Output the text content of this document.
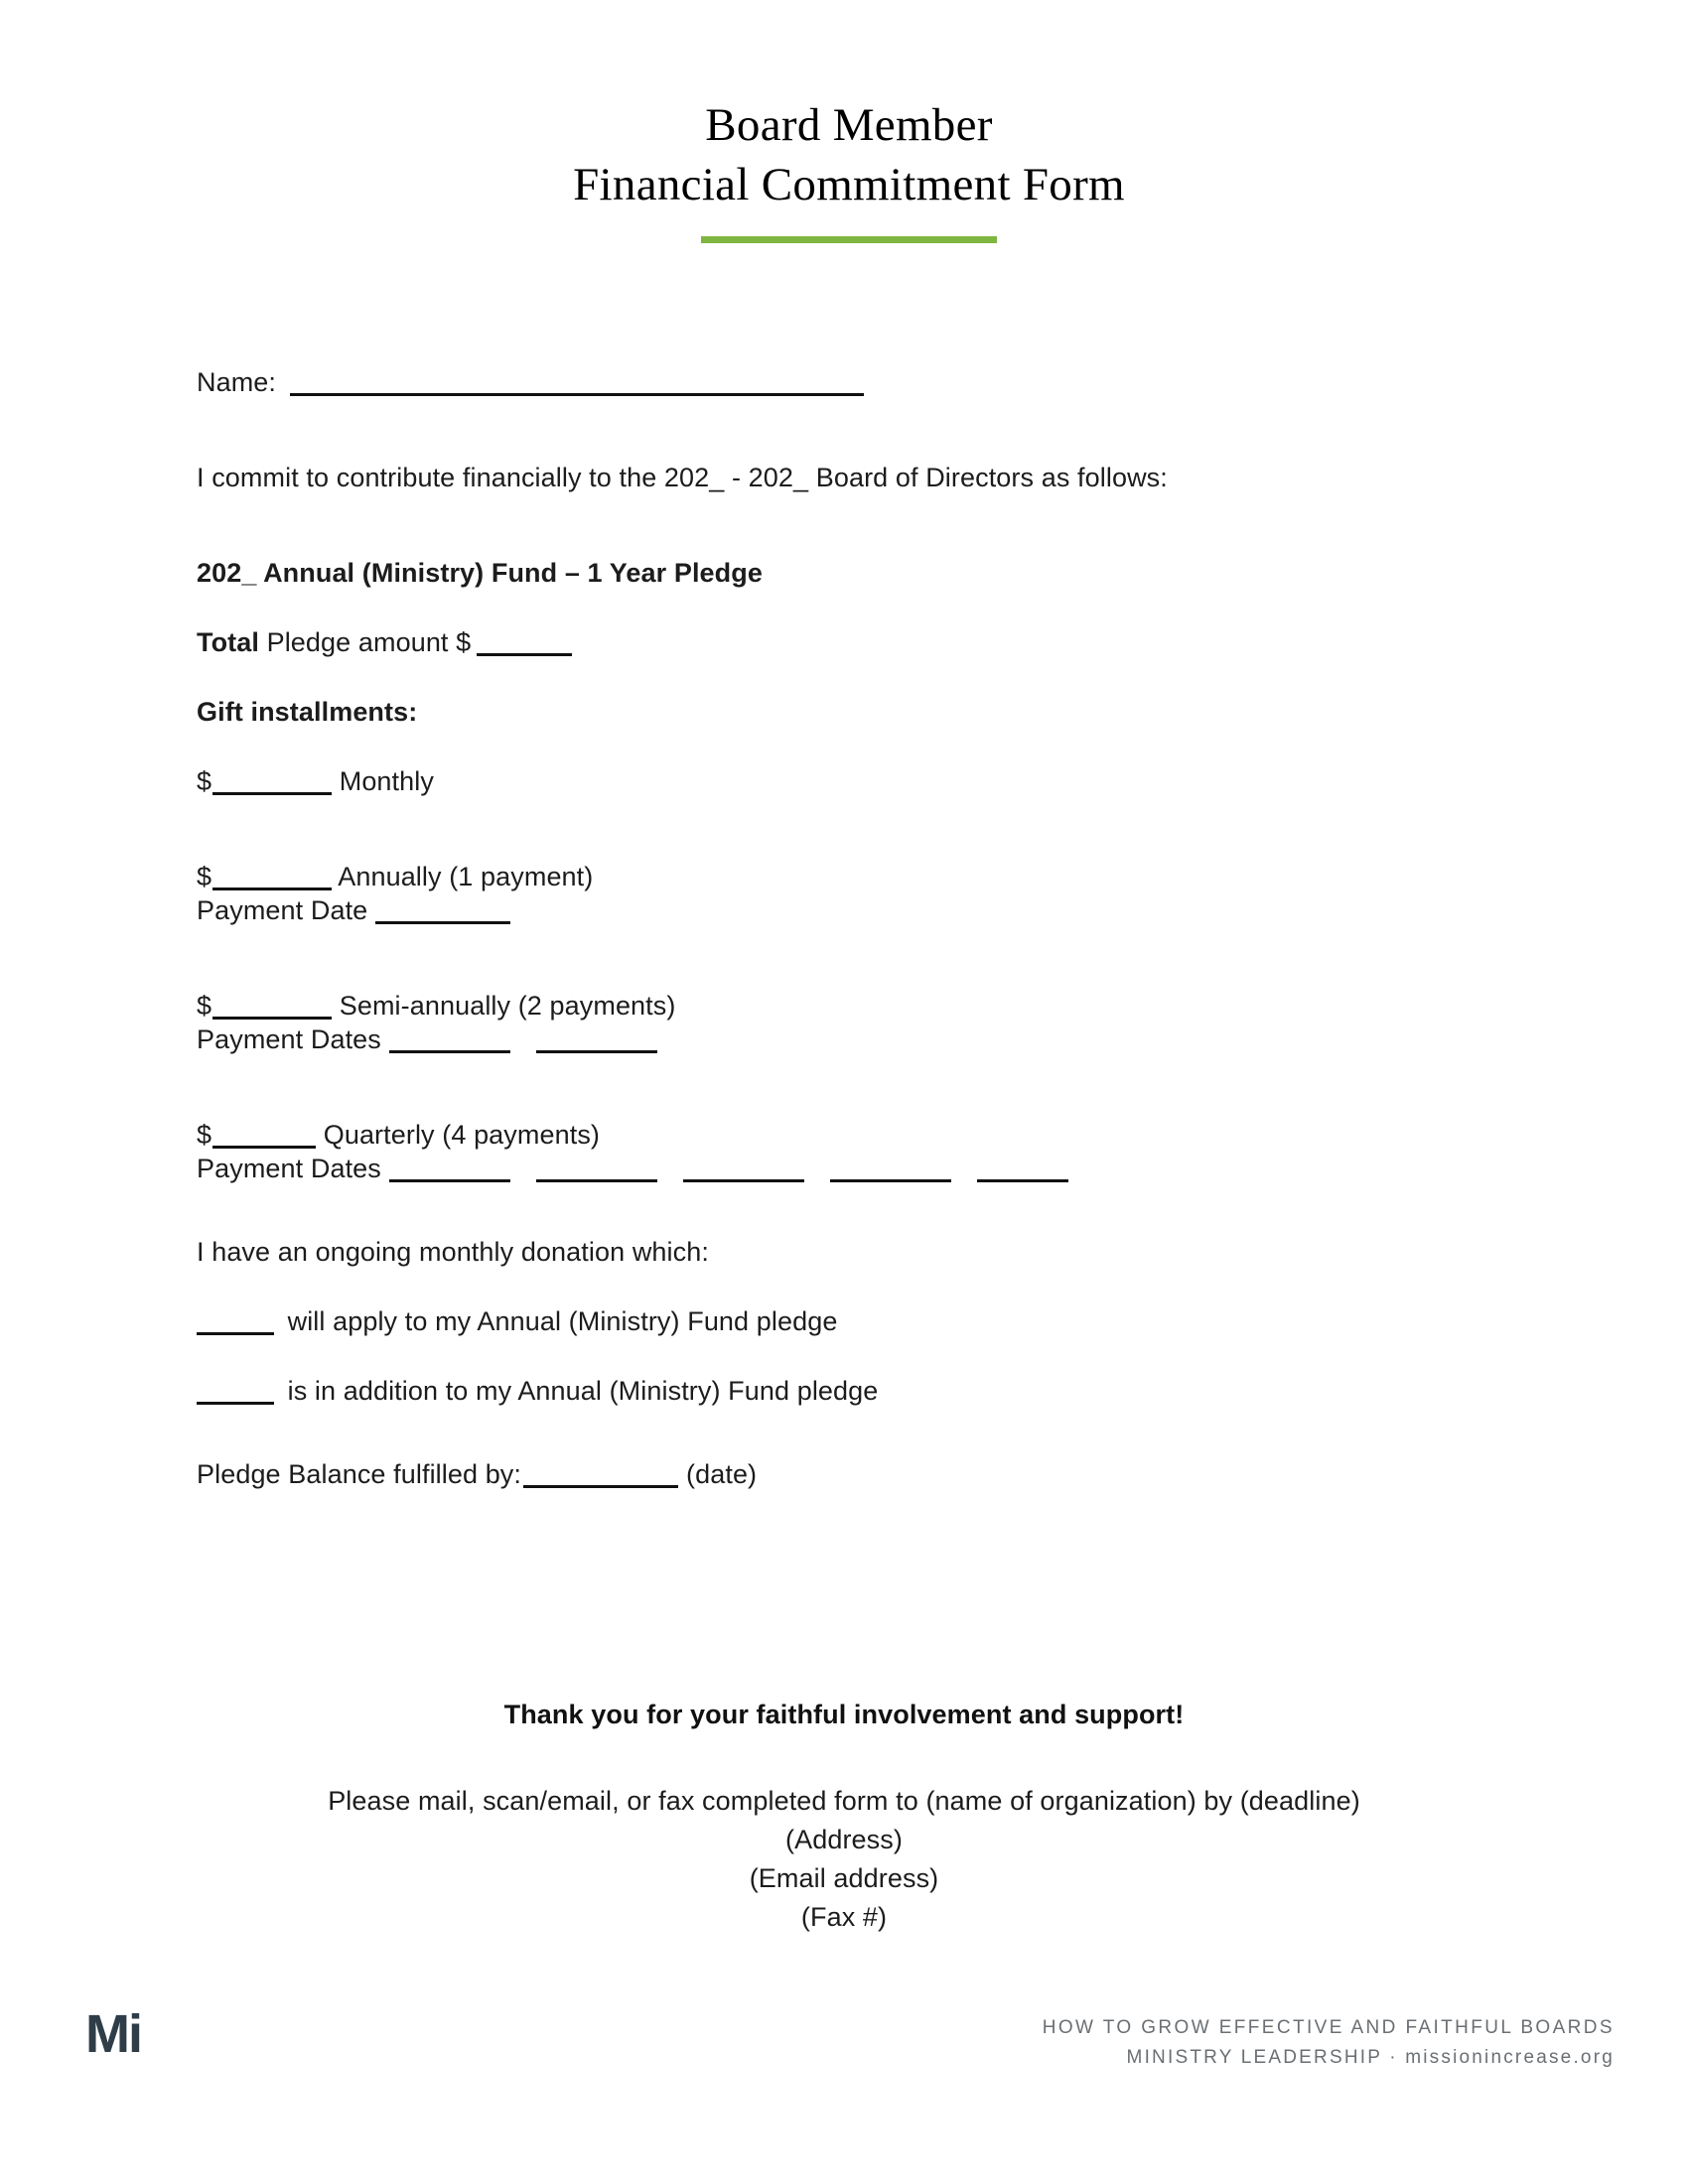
Board Member
Financial Commitment Form
Name:
I commit to contribute financially to the 202_ - 202_ Board of Directors as follows:
202_ Annual (Ministry) Fund – 1 Year Pledge
Total Pledge amount $
Gift installments:
$	Monthly
$	Annually (1 payment)
Payment Date
$	Semi-annually (2 payments)
Payment Dates
$	Quarterly (4 payments)
Payment Dates
I have an ongoing monthly donation which:
will apply to my Annual (Ministry) Fund pledge
is in addition to my Annual (Ministry) Fund pledge
Pledge Balance fulfilled by:	(date)
Thank you for your faithful involvement and support!
Please mail, scan/email, or fax completed form to (name of organization) by (deadline)
(Address)
(Email address)
(Fax #)
Mi	HOW TO GROW EFFECTIVE AND FAITHFUL BOARDS
MINISTRY LEADERSHIP · missionincrease.org
